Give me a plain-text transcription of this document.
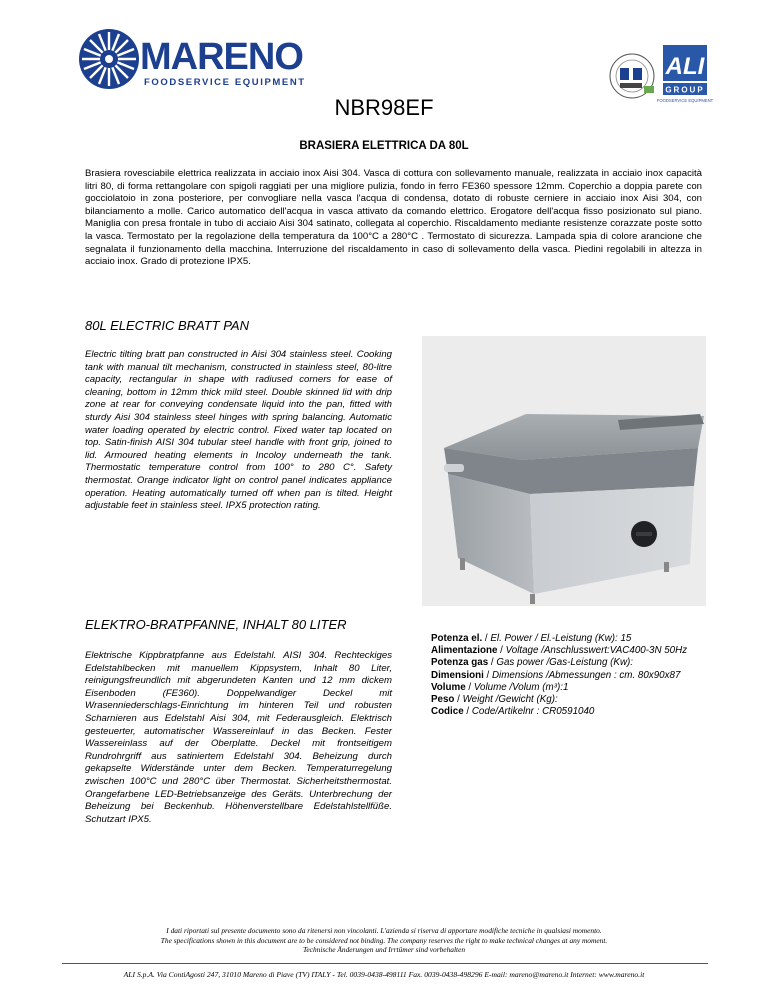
MARENO
FOODSERVICE EQUIPMENT
ALI
GROUP
FOODSERVICE EQUIPMENT
NBR98EF
BRASIERA ELETTRICA DA 80L
Brasiera rovesciabile elettrica realizzata in acciaio inox Aisi 304. Vasca di cottura con sollevamento manuale, realizzata in acciaio inox capacità litri 80, di forma rettangolare con spigoli raggiati per una migliore pulizia, fondo in ferro FE360 spessore 12mm. Coperchio a doppia parete con gocciolatoio in zona posteriore, per convogliare nella vasca l'acqua di condensa, dotato di robuste cerniere in acciaio inox Aisi 304, con bilanciamento a molle. Carico automatico dell'acqua in vasca attivato da comando elettrico. Erogatore dell'acqua fisso posizionato sul piano. Maniglia con presa frontale in tubo di acciaio Aisi 304 satinato, collegata al coperchio. Riscaldamento mediante resistenze corazzate poste sotto la vasca. Termostato per la regolazione della temperatura da 100°C a 280°C . Termostato di sicurezza. Lampada spia di colore arancione che segnalata il funzionamento della macchina. Interruzione del riscaldamento in caso di sollevamento della vasca. Piedini regolabili in altezza in acciaio inox. Grado di protezione IPX5.
80L ELECTRIC BRATT PAN
Electric tilting bratt pan constructed in Aisi 304 stainless steel. Cooking tank with manual tilt mechanism, constructed in stainless steel, 80-litre capacity, rectangular in shape with radiused corners for ease of cleaning, bottom in 12mm thick mild steel. Double skinned lid with drip zone at rear for conveying condensate liquid into the pan, fitted with sturdy Aisi 304 stainless steel hinges with spring balancing. Automatic water loading operated by electric control. Fixed water tap located on top. Satin-finish AISI 304 tubular steel handle with front grip, joined to lid. Armoured heating elements in Incoloy underneath the tank. Thermostatic temperature control from 100° to 280 C°. Safety thermostat. Orange indicator light on control panel indicates appliance operation. Heating automatically turned off when pan is tilted. Height adjustable feet in stainless steel. IPX5 protection rating.
ELEKTRO-BRATPFANNE, INHALT 80 LITER
Elektrische Kippbratpfanne aus Edelstahl. AISI 304. Rechteckiges Edelstahlbecken mit manuellem Kippsystem, Inhalt 80 Liter, reinigungsfreundlich mit abgerundeten Kanten und 12 mm dickem Eisenboden (FE360). Doppelwandiger Deckel mit Wrasenniederschlags-Einrichtung im hinteren Teil und robusten Scharnieren aus Edelstahl Aisi 304, mit Federausgleich. Elektrisch gesteuerter, automatischer Wassereinlauf in das Becken. Fester Wassereinlass auf der Oberplatte. Deckel mit frontseitigem Rundrohrgriff aus satiniertem Edelstahl 304. Beheizung durch gekapselte Widerstände unter dem Becken. Temperaturregelung zwischen 100°C und 280°C über Thermostat. Sicherheitsthermostat. Orangefarbene LED-Betriebsanzeige des Geräts. Unterbrechung der Beheizung bei Beckenhub. Höhenverstellbare Edelstahlstellfüße. Schutzart IPX5.
Potenza el. / El. Power / El.-Leistung (Kw): 15
Alimentazione / Voltage /Anschlusswert:VAC400-3N 50Hz
Potenza gas / Gas power /Gas-Leistung (Kw):
Dimensioni / Dimensions /Abmessungen : cm. 80x90x87
Volume / Volume /Volum (m³):1
Peso / Weight /Gewicht (Kg):
Codice / Code/Artikelnr : CR0591040
I dati riportati sul presente documento sono da ritenersi non vincolanti. L'azienda si riserva di apportare modifiche tecniche in qualsiasi momento.
The specifications shown in this document are to be considered not binding. The company reserves the right to make technical changes at any moment.
Technische Änderungen und Irrtümer sind vorbehalten
ALI S.p.A. Via ContiAgosti 247, 31010 Mareno di Piave (TV) ITALY - Tel. 0039-0438-498111 Fax. 0039-0438-498296 E-mail: mareno@mareno.it Internet: www.mareno.it
